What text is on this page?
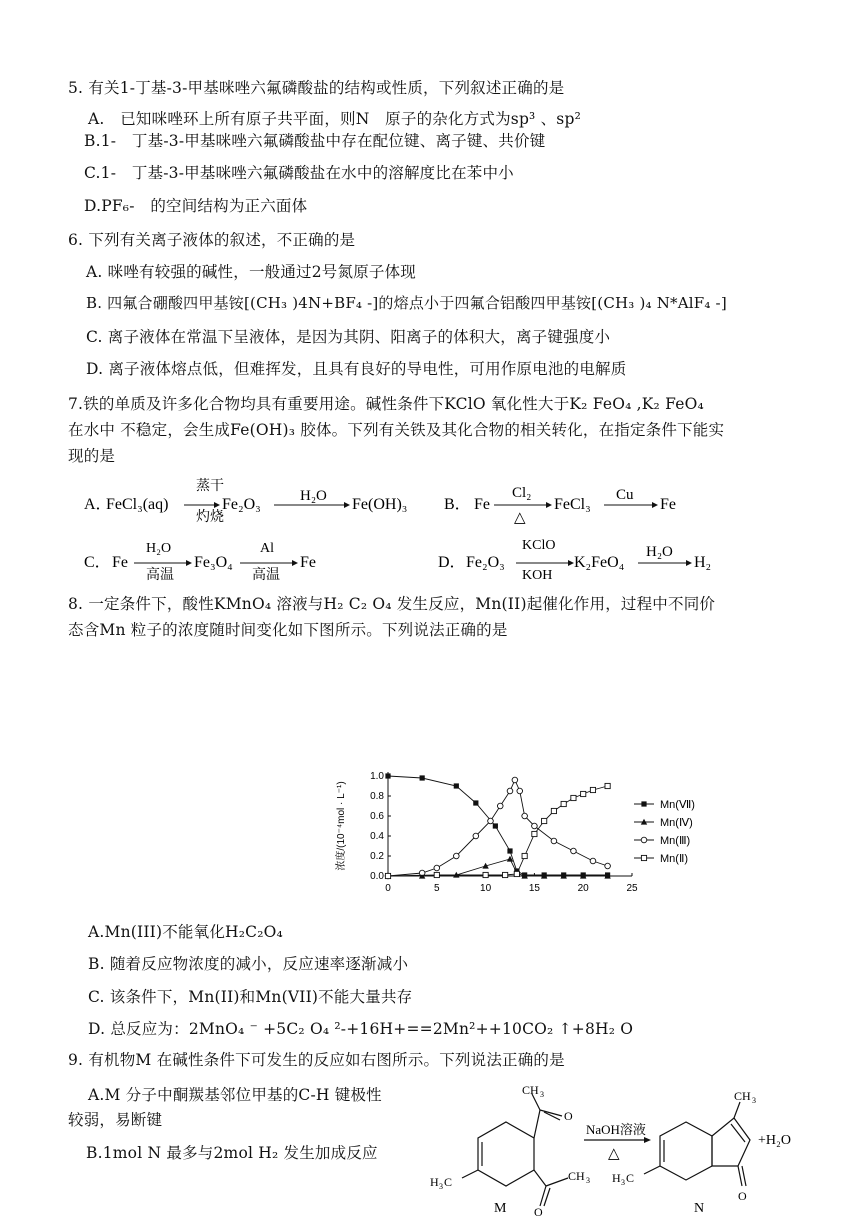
5. 有关1-丁基-3-甲基咪唑六氟磷酸盐的结构或性质，下列叙述正确的是
A.　已知咪唑环上所有原子共平面，则N　原子的杂化方式为sp³ 、sp²
B.1-　丁基-3-甲基咪唑六氟磷酸盐中存在配位键、离子键、共价键
C.1-　丁基-3-甲基咪唑六氟磷酸盐在水中的溶解度比在苯中小
D.PF₆-　的空间结构为正六面体
6. 下列有关离子液体的叙述，不正确的是
A. 咪唑有较强的碱性，一般通过2号氮原子体现
B. 四氟合硼酸四甲基铵[(CH₃ )4N+BF₄ -]的熔点小于四氟合铝酸四甲基铵[(CH₃ )₄ N*AlF₄ -]
C. 离子液体在常温下呈液体，是因为其阴、阳离子的体积大，离子键强度小
D. 离子液体熔点低，但难挥发，且具有良好的导电性，可用作原电池的电解质
7.铁的单质及许多化合物均具有重要用途。碱性条件下KClO 氧化性大于K₂ FeO₄ ,K₂ FeO₄
在水中 不稳定，会生成Fe(OH)₃ 胶体。下列有关铁及其化合物的相关转化，在指定条件下能实
现的是
A．
FeCl₃(aq)
蒸干
灼烧
Fe₂O₃	H₂O Fe(OH)₃ B． Fe
Cl₂
△
FeCl₃
Cu
Fe
C． Fe
H₂O
高温
Fe₃O₄
Al
高温
Fe	D． Fe₂O₃
KClO
KOH
K₂FeO₄
H₂O
H₂
8. 一定条件下，酸性KMnO₄ 溶液与H₂ C₂ O₄ 发生反应，Mn(II)起催化作用，过程中不同价
态含Mn 粒子的浓度随时间变化如下图所示。下列说法正确的是
0	5	10	15	20	25
0.0
0.2
0.4
0.6
0.8
1.0
浓度/(10⁻⁴mol · L⁻¹)	Mn(Ⅶ)
Mn(Ⅳ)
Mn(Ⅲ)
Mn(Ⅱ)
A.Mn(III)不能氧化H₂C₂O₄
B. 随着反应物浓度的减小，反应速率逐渐减小
C. 该条件下，Mn(II)和Mn(VII)不能大量共存
D. 总反应为：2MnO₄ ⁻ +5C₂ O₄ ²-+16H+==2Mn²++10CO₂ ↑+8H₂ O
9. 有机物M 在碱性条件下可发生的反应如右图所示。下列说法正确的是
A.M 分子中酮羰基邻位甲基的C-H 键极性
较弱，易断键
B.1mol N 最多与2mol H₂ 发生加成反应
CH 3
O
CH 3
O
H 3 C
M
NaOH溶液
△
CH 3
O
H 3 C
N
+H₂O
